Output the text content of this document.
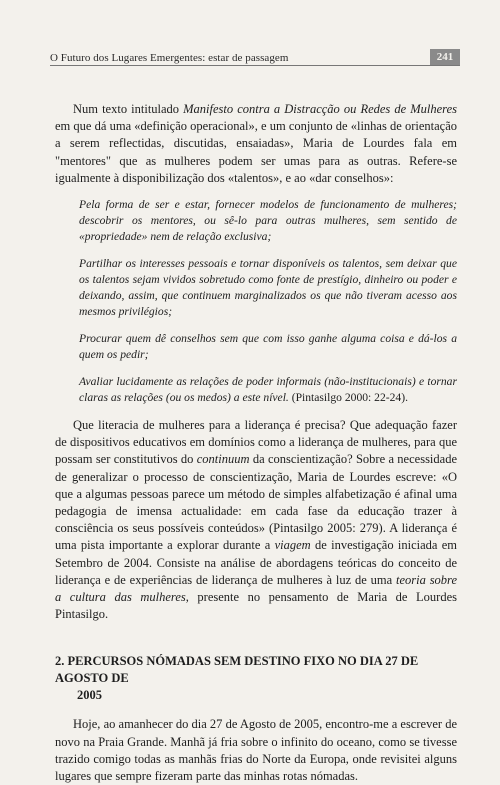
O Futuro dos Lugares Emergentes: estar de passagem	241

Num texto intitulado Manifesto contra a Distracção ou Redes de Mulheres em que dá uma «definição operacional», e um conjunto de «linhas de orientação a serem reflectidas, discutidas, ensaiadas», Maria de Lourdes fala em "mentores" que as mulheres podem ser umas para as outras. Refere-se igualmente à disponibilização dos «talentos», e ao «dar conselhos»:

Pela forma de ser e estar, fornecer modelos de funcionamento de mulheres; descobrir os mentores, ou sê-lo para outras mulheres, sem sentido de «propriedade» nem de relação exclusiva;

Partilhar os interesses pessoais e tornar disponíveis os talentos, sem deixar que os talentos sejam vividos sobretudo como fonte de prestígio, dinheiro ou poder e deixando, assim, que continuem marginalizados os que não tiveram acesso aos mesmos privilégios;

Procurar quem dê conselhos sem que com isso ganhe alguma coisa e dá-los a quem os pedir;

Avaliar lucidamente as relações de poder informais (não-institucionais) e tornar claras as relações (ou os medos) a este nível. (Pintasilgo 2000: 22-24).

Que literacia de mulheres para a liderança é precisa? Que adequação fazer de dispositivos educativos em domínios como a liderança de mulheres, para que possam ser constitutivos do continuum da conscientização? Sobre a necessidade de generalizar o processo de conscientização, Maria de Lourdes escreve: «O que a algumas pessoas parece um método de simples alfabetização é afinal uma pedagogia de imensa actualidade: em cada fase da educação trazer à consciência os seus possíveis conteúdos» (Pintasilgo 2005: 279). A liderança é uma pista importante a explorar durante a viagem de investigação iniciada em Setembro de 2004. Consiste na análise de abordagens teóricas do conceito de liderança e de experiências de liderança de mulheres à luz de uma teoria sobre a cultura das mulheres, presente no pensamento de Maria de Lourdes Pintasilgo.

2. PERCURSOS NÓMADAS SEM DESTINO FIXO NO DIA 27 DE AGOSTO DE
2005

Hoje, ao amanhecer do dia 27 de Agosto de 2005, encontro-me a escrever de novo na Praia Grande. Manhã já fria sobre o infinito do oceano, como se tivesse trazido comigo todas as manhãs frias do Norte da Europa, onde revisitei alguns lugares que sempre fizeram parte das minhas rotas nómadas.
